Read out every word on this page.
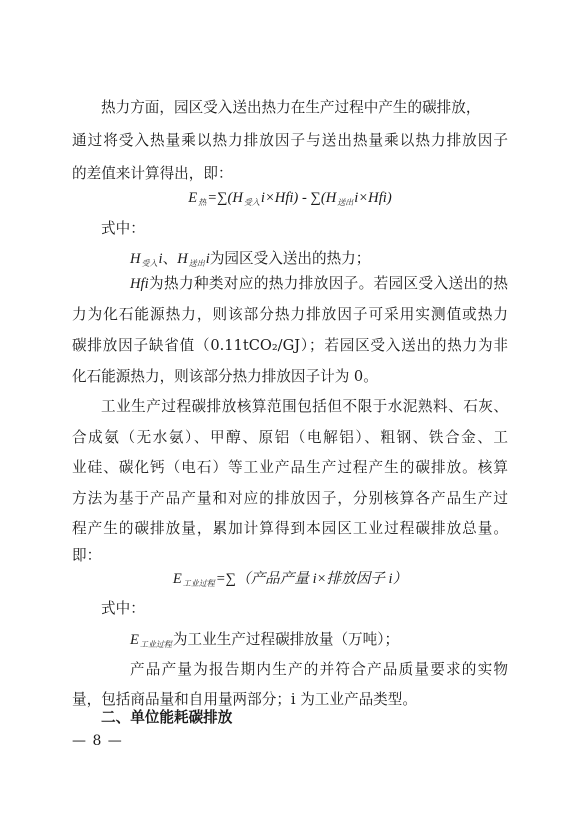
热力方面，园区受入送出热力在生产过程中产生的碳排放，
通过将受入热量乘以热力排放因子与送出热量乘以热力排放因子
的差值来计算得出，即：
$E_热=\sum(H_{受入}i\times Hfi) - \sum(H_{送出}i\times Hfi)$
式中：
$H_{受入}i$、$H_{送出}i$为园区受入送出的热力；
Hfi为热力种类对应的热力排放因子。若园区受入送出的热
力为化石能源热力，则该部分热力排放因子可采用实测值或热力
碳排放因子缺省值（0.11tCO₂/GJ）；若园区受入送出的热力为非
化石能源热力，则该部分热力排放因子计为 0。
工业生产过程碳排放核算范围包括但不限于水泥熟料、石灰、
合成氨（无水氨）、甲醇、原铝（电解铝）、粗钢、铁合金、工
业硅、碳化钙（电石）等工业产品生产过程产生的碳排放。核算
方法为基于产品产量和对应的排放因子，分别核算各产品生产过
程产生的碳排放量，累加计算得到本园区工业过程碳排放总量。
即：
$E_{工业过程}=\sum$（产品产量 i×排放因子 i）
式中：
$E_{工业过程}$为工业生产过程碳排放量（万吨）；
产品产量为报告期内生产的并符合产品质量要求的实物
量，包括商品量和自用量两部分；i 为工业产品类型。
二、单位能耗碳排放
— 8 —
